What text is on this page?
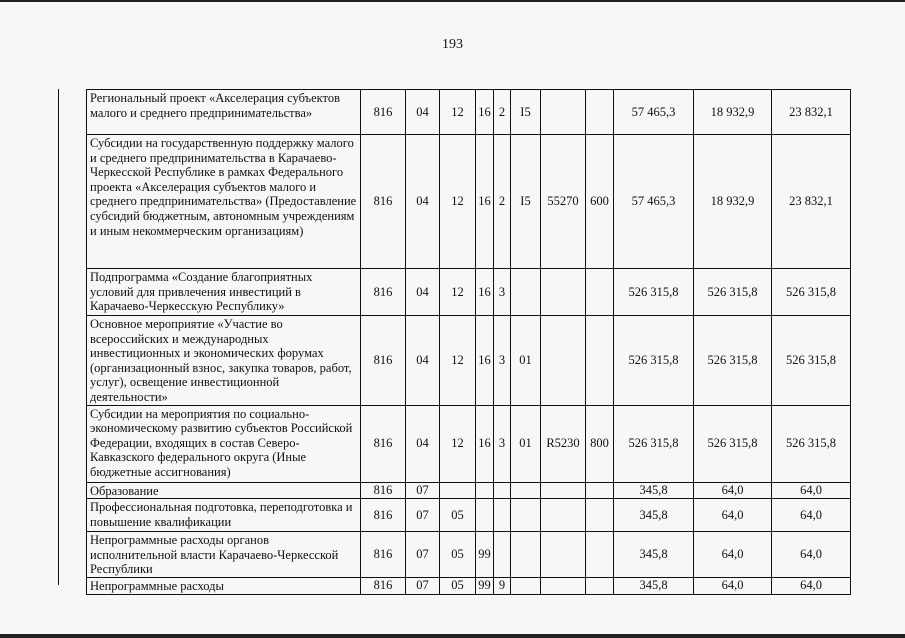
193
Региональный проект «Акселерация субъектов малого и среднего предпринимательства»	816	04	12	16	2	I5			57 465,3	18 932,9	23 832,1
Субсидии на государственную поддержку малого и среднего предпринимательства в Карачаево-Черкесской Республике в рамках Федерального проекта «Акселерация субъектов малого и среднего предпринимательства» (Предоставление субсидий бюджетным, автономным учреждениям и иным некоммерческим организациям)	816	04	12	16	2	I5	55270	600	57 465,3	18 932,9	23 832,1
Подпрограмма «Создание благоприятных условий для привлечения инвестиций в Карачаево-Черкесскую Республику»	816	04	12	16	3				526 315,8	526 315,8	526 315,8
Основное мероприятие «Участие во всероссийских и международных инвестиционных и экономических форумах (организационный взнос, закупка товаров, работ, услуг), освещение инвестиционной деятельности»	816	04	12	16	3	01			526 315,8	526 315,8	526 315,8
Субсидии на мероприятия по социально-экономическому развитию субъектов Российской Федерации, входящих в состав Северо-Кавказского федерального округа (Иные бюджетные ассигнования)	816	04	12	16	3	01	R5230	800	526 315,8	526 315,8	526 315,8
Образование	816	07							345,8	64,0	64,0
Профессиональная подготовка, переподготовка и повышение квалификации	816	07	05						345,8	64,0	64,0
Непрограммные расходы органов исполнительной власти Карачаево-Черкесской Республики	816	07	05	99					345,8	64,0	64,0
Непрограммные расходы	816	07	05	99	9				345,8	64,0	64,0
